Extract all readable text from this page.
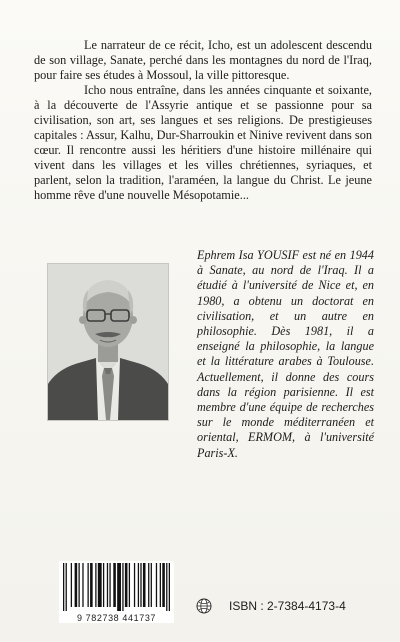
Le narrateur de ce récit, Icho, est un adolescent descendu de son village, Sanate, perché dans les montagnes du nord de l'Iraq, pour faire ses études à Mossoul, la ville pittoresque.

Icho nous entraîne, dans les années cinquante et soixante, à la découverte de l'Assyrie antique et se passionne pour sa civilisation, son art, ses langues et ses religions. De prestigieuses capitales : Assur, Kalhu, Dur-Sharroukin et Ninive revivent dans son cœur. Il rencontre aussi les héritiers d'une histoire millénaire qui vivent dans les villages et les villes chrétiennes, syriaques, et parlent, selon la tradition, l'araméen, la langue du Christ. Le jeune homme rêve d'une nouvelle Mésopotamie...

Ephrem Isa YOUSIF est né en 1944 à Sanate, au nord de l'Iraq. Il a étudié à l'université de Nice et, en 1980, a obtenu un doctorat en civilisation, et un autre en philosophie. Dès 1981, il a enseigné la philosophie, la langue et la littérature arabes à Toulouse. Actuellement, il donne des cours dans la région parisienne. Il est membre d'une équipe de recherches sur le monde méditerranéen et oriental, ERMOM, à l'université Paris-X.
9 782738 441737
ISBN : 2-7384-4173-4
